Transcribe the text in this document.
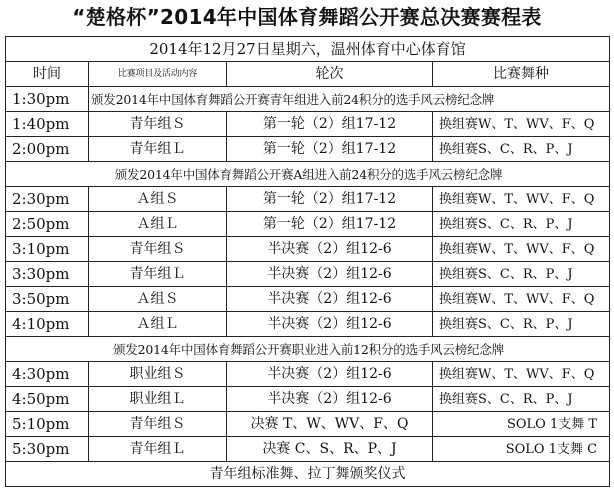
“楚格杯”2014年中国体育舞蹈公开赛总决赛赛程表
2014年12月27日星期六，温州体育中心体育馆			
时间	比赛项目及活动内容	轮次	比赛舞种
1:30pm	颁发2014年中国体育舞蹈公开赛青年组进入前24积分的选手风云榜纪念牌		
1:40pm	青年组Ｓ	第一轮（2）组17-12	换组赛W、T、WV、F、Q
2:00pm	青年组Ｌ	第一轮（2）组17-12	换组赛S、C、R、P、J
颁发2014年中国体育舞蹈公开赛A组进入前24积分的选手风云榜纪念牌			
2:30pm	Ａ组Ｓ	第一轮（2）组17-12	换组赛W、T、WV、F、Q
2:50pm	Ａ组Ｌ	第一轮（2）组17-12	换组赛S、C、R、P、J
3:10pm	青年组Ｓ	半决赛（2）组12-6	换组赛W、T、WV、F、Q
3:30pm	青年组Ｌ	半决赛（2）组12-6	换组赛S、C、R、P、J
3:50pm	Ａ组Ｓ	半决赛（2）组12-6	换组赛W、T、WV、F、Q
4:10pm	Ａ组Ｌ	半决赛（2）组12-6	换组赛S、C、R、P、J
颁发2014年中国体育舞蹈公开赛职业进入前12积分的选手风云榜纪念牌			
4:30pm	职业组Ｓ	半决赛（2）组12-6	换组赛W、T、WV、F、Q
4:50pm	职业组Ｌ	半决赛（2）组12-6	换组赛S、C、R、P、J
5:10pm	青年组Ｓ	决赛 T、W、WV、F、Q	SOLO 1支舞 T
5:30pm	青年组Ｌ	决赛 C、S、R、P、J	SOLO 1支舞 C
青年组标准舞、拉丁舞颁奖仪式			
